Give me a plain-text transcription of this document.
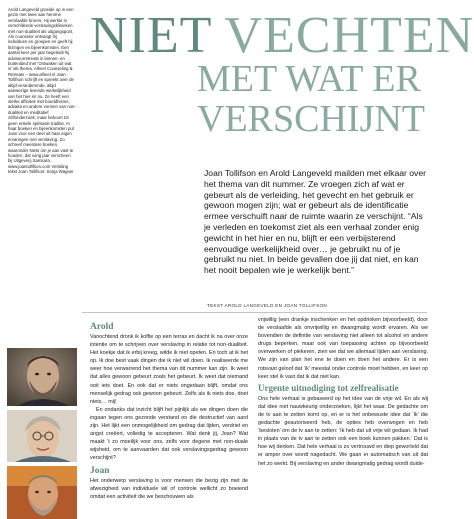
Arold Langeveld groeide op in een gezin met twee aan heroïne verslaafde broers. Hij werkte in verschillende verslavingsklinieken met non-dualiteit als uitgangspunt. Als counselor ontvangt hij individuen en groepen en geeft hij lezingen en bijeenkomsten. Een aantal keer per jaar begeleidt hij adviseurretreats in binnen- en buitenland met ‘Ontwaken uit wat is’ als thema. Alheel Counseling & Retreats – www.alheel.nl Joan Tollifson schrijft en spreekt over de altijd veranderende, altijd aanwezige levende werkelijkheid van het hier en nu. Ze heeft een sterke affiniteit met boeddhisme, advaita en andere vormen van non-dualiteit en meditatief zelfonderzoek, maar behoort tot geen enkele spirituele traditie. In haar boeken en bijeenkomsten put Joan voor een deel uit haar eigen ervaringen met verslaving. Zo schreef meerdere boeken, waaronder Niets om je aan vast te houden, dat vorig jaar verscheen bij Uitgeverij Samsara. www.joantollifson.com Vertaling tekst Joan Tollifson: Sonja Wagner

NIET VECHTEN
MET WAT ER
VERSCHIJNT

Joan Tollifson en Arold Langeveld mailden met elkaar over het thema van dit nummer. Ze vroegen zich af wat er gebeurt als de verleiding, het gevecht en het gebruik er gewoon mogen zijn; wat er gebeurt als de identificatie ermee verschuift naar de ruimte waarin ze verschijnt. “Als je verleden en toekomst ziet als een verhaal zonder enig gewicht in het hier en nu, blijft er een verbijsterend eenvoudige werkelijkheid over… je gebruikt nu of je gebruikt nu niet. In beide gevallen doe jij dat niet, en kan het nooit bepalen wie je werkelijk bent.”

TEKST AROLD LANGEVELD EN JOAN TOLLIFSON
Arold

Vanochtend dronk ik koffie op een terras en dacht ik na over onze intentie om te schrijven over verslaving in relatie tot non-dualiteit. Het koekje dat ik erbij kreeg, wilde ik niet opeten. En toch at ik het op. Ik doe best vaak dingen die ik niet wil doen. Ik realiseerde me weer hoe verwarrend het thema van dit nummer kan zijn. Ik weet dat alles gewoon gebeurt zoals het gebeurt. Ik weet dat niemand ooit iets doet. En ook dat er niets ongedaan blijft, omdat ons menselijk gedrag ook gewoon gebeurt. Zelfs als ik niets doe, doet niets… mij!

En ondanks dat inzicht blijft het pijnlijk als we dingen doen die ingaan tegen ons gezonde verstand en die destructief van aard zijn. Het lijkt een onmogelijkheid om gedrag dat lijden, verdriet en angst creëert, volledig te accepteren. Wat denk jij, Joan? Wat maakt ‘t zo moeilijk voor ons, zelfs voor degene met non-duale wijsheid, om te aanvaarden dat ook verslavingsgedrag gewoon verschijnt?

Joan

Het onderwerp verslaving is voor mensen die bezig zijn met de afwezigheid van individuele wil of controle wellicht zo boeiend omdat een activiteit die we beschouwen als

vrijwillig (een drankje inschenken en het opdrinken bijvoorbeeld), door de verslaafde als onvrijwillig en dwangmatig wordt ervaren. Als we bovendien de definitie van verslaving niet alleen tot alcohol en andere drugs beperken, maar ook van toepassing achten op bijvoorbeeld overwerken of piekeren, zien we dat we allemaal lijden aan verslaving. We zijn van plan het ene te doen en doen het andere. Er is een rotsvast geloof dat ‘ik’ meestal onder controle moet hebben, en keer op keer stel ik vast dat ik dat niet kan.

Urgente uitnodiging tot zelfrealisatie

Ons hele verhaal is gebaseerd op het idee van de vrije wil. En als wij dat idee niet nauwkeurig onderzoeken, lijkt het waar. De gedachte om de tv aan te zetten komt op, en er is het onbewuste idee dat ‘ik’ die gedachte geautoriseerd heb, de opties heb overwogen en heb ‘besloten’ om de tv aan te zetten: ‘Ik heb dat uit vrije wil gedaan. Ik had in plaats van de tv aan te zetten ook een boek kunnen pakken.’ Dat is hoe wij denken. Dat hele verhaal is zo vertrouwd en diep geworteld dat er amper over wordt nagedacht. We gaan er automatisch van uit dat het zo werkt. Bij verslaving en ander dwangmatig gedrag wordt duide-
